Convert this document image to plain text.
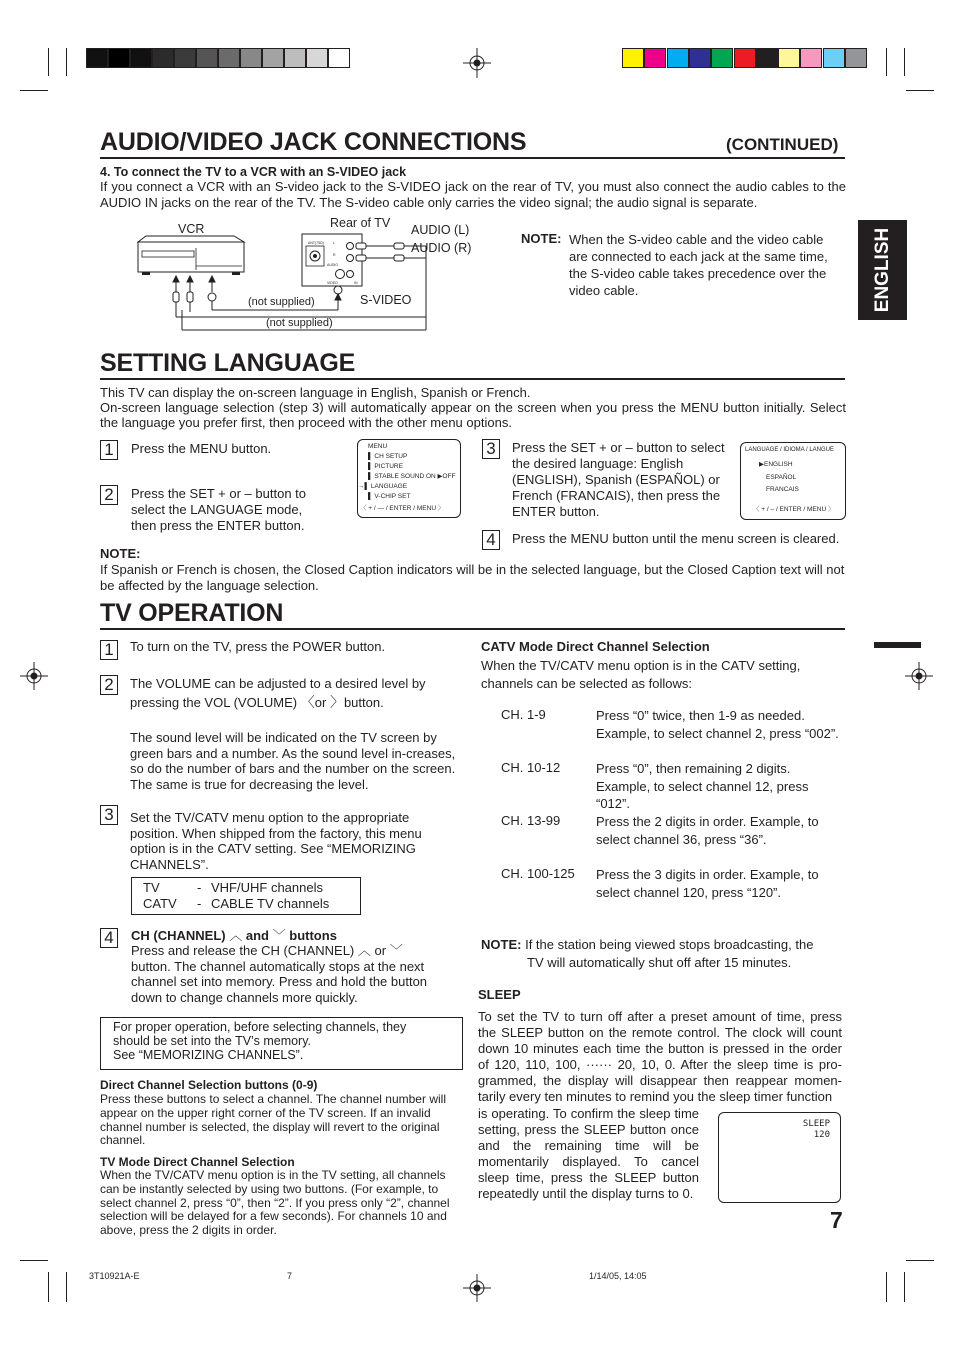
AUDIO/VIDEO JACK CONNECTIONS	(CONTINUED)
4. To connect the TV to a VCR with an S-VIDEO jack
If you connect a VCR with an S-video jack to the S-VIDEO jack on the rear of TV, you must also connect the audio cables to the AUDIO IN jacks on the rear of the TV. The S-video cable only carries the video signal; the audio signal is separate.
ANT(75Ω)	L
R
AUDIO
VIDEO	IN
VCR	Rear of TV AUDIO (L)
AUDIO (R)
S-VIDEO
(not supplied)
(not supplied)
NOTE: When the S-video cable and the video cable are connected to each jack at the same time, the S-video cable takes precedence over the video cable.	ENGLISH
SETTING LANGUAGE
This TV can display the on-screen language in English, Spanish or French.
On-screen language selection (step 3) will automatically appear on the screen when you press the MENU button initially. Select the language you prefer first, then proceed with the other menu options.
1	Press the MENU button.
2	Press the SET + or – button to select the LANGUAGE mode, then press the ENTER button.
MENU
▌ CH SETUP
▌ PICTURE
▌ STABLE SOUND ON ▶OFF
→▌ LANGUAGE
▌ V-CHIP SET
〈 + / — / ENTER / MENU 〉
3	Press the SET + or – button to select the desired language: English (ENGLISH), Spanish (ESPAÑOL) or French (FRANCAIS), then press the ENTER button.
LANGUAGE / IDIOMA / LANGUE
▶ENGLISH
ESPAÑOL
FRANCAIS
〈 + / – / ENTER / MENU 〉
4	Press the MENU button until the menu screen is cleared.
NOTE:
If Spanish or French is chosen, the Closed Caption indicators will be in the selected language, but the Closed Caption text will not be affected by the language selection.
TV OPERATION
1	To turn on the TV, press the POWER button.
2	The VOLUME can be adjusted to a desired level by pressing the VOL (VOLUME) 〈or 〉button.
The sound level will be indicated on the TV screen by green bars and a number. As the sound level in-creases, so do the number of bars and the number on the screen. The same is true for decreasing the level.
3	Set the TV/CATV menu option to the appropriate position. When shipped from the factory, this menu option is in the CATV setting. See “MEMORIZING CHANNELS”.
TV	- VHF/UHF channels
CATV - CABLE TV channels
4	CH (CHANNEL) ︿ and ﹀ buttons
Press and release the CH (CHANNEL) ︿ or ﹀
button. The channel automatically stops at the next channel set into memory. Press and hold the button down to change channels more quickly.
For proper operation, before selecting channels, they
should be set into the TV’s memory.
See “MEMORIZING CHANNELS”.
Direct Channel Selection buttons (0-9)
Press these buttons to select a channel. The channel number will appear on the upper right corner of the TV screen. If an invalid channel number is selected, the display will revert to the original channel.
TV Mode Direct Channel Selection
When the TV/CATV menu option is in the TV setting, all channels can be instantly selected by using two buttons. (For example, to select channel 2, press “0”, then “2”. If you press only “2”, channel selection will be delayed for a few seconds). For channels 10 and above, press the 2 digits in order.
CATV Mode Direct Channel Selection
When the TV/CATV menu option is in the CATV setting, channels can be selected as follows:
CH. 1-9	Press “0” twice, then 1-9 as needed. Example, to select channel 2, press “002”.
CH. 10-12	Press “0”, then remaining 2 digits. Example, to select channel 12, press “012”.
CH. 13-99	Press the 2 digits in order. Example, to select channel 36, press “36”.
CH. 100-125 Press the 3 digits in order. Example, to select channel 120, press “120”.
NOTE: If the station being viewed stops broadcasting, the
TV will automatically shut off after 15 minutes.
SLEEP
To set the TV to turn off after a preset amount of time, press the SLEEP button on the remote control. The clock will count down 10 minutes each time the button is pressed in the order of 120, 110, 100, ······ 20, 10, 0. After the sleep time is pro-grammed, the display will disappear then reappear momen-tarily every ten minutes to remind you the sleep timer function
is operating. To confirm the sleep time setting, press the SLEEP button once and the remaining time will be momentarily displayed. To cancel sleep time, press the SLEEP button repeatedly until the display turns to 0.
SLEEP
120
7
3T10921A-E	7	1/14/05, 14:05
